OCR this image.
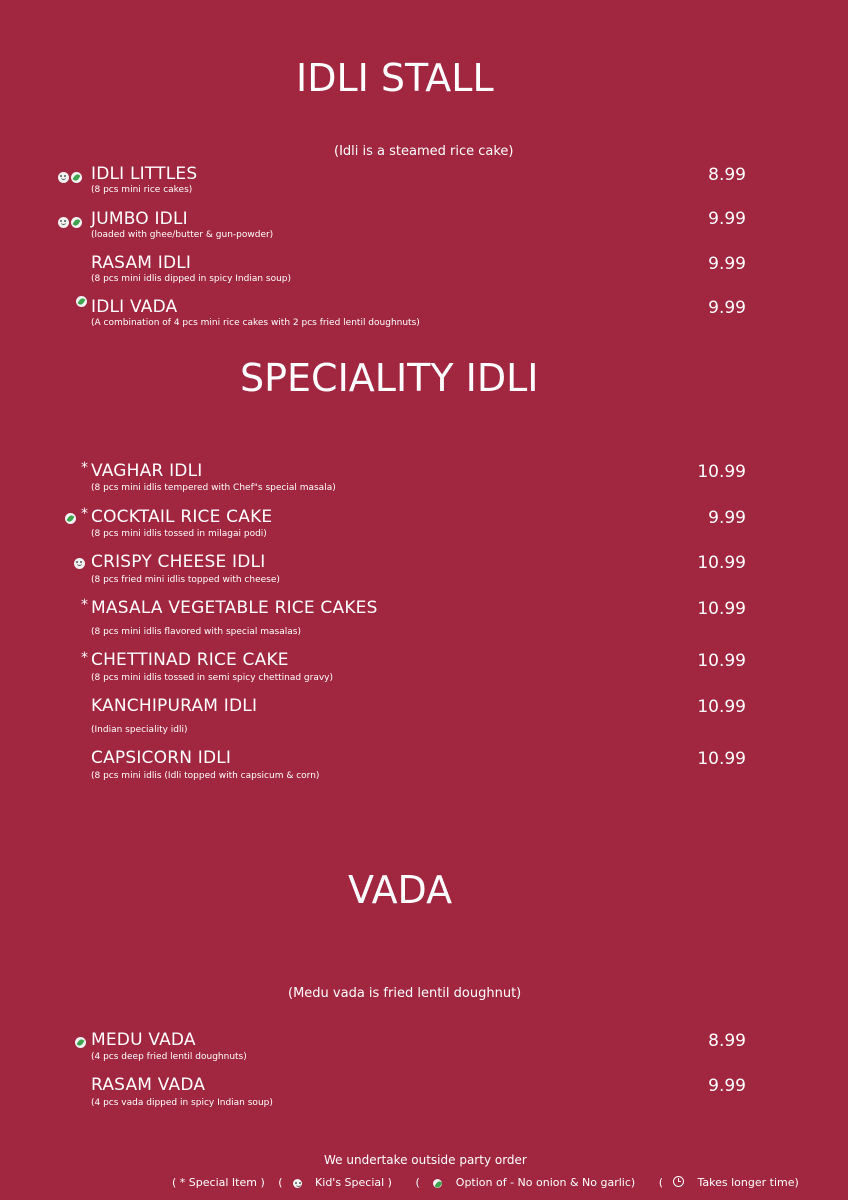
IDLI STALL
(Idli is a steamed rice cake)
IDLI LITTLES
(8 pcs mini rice cakes)
8.99
JUMBO IDLI
(loaded with ghee/butter & gun-powder)
9.99
RASAM IDLI
(8 pcs mini idlis dipped in spicy Indian soup)
9.99
IDLI VADA
(A combination of 4 pcs mini rice cakes with 2 pcs fried lentil doughnuts)
9.99
SPECIALITY IDLI
* VAGHAR IDLI
(8 pcs mini idlis tempered with Chef"s special masala)
10.99
* COCKTAIL RICE CAKE
(8 pcs mini idlis tossed in milagai podi)
9.99
CRISPY CHEESE IDLI
(8 pcs fried mini idlis topped with cheese)
10.99
* MASALA VEGETABLE RICE CAKES
(8 pcs mini idlis flavored with special masalas)
10.99
* CHETTINAD RICE CAKE
(8 pcs mini idlis tossed in semi spicy chettinad gravy)
10.99
KANCHIPURAM IDLI
(Indian speciality idli)
10.99
CAPSICORN IDLI
(8 pcs mini idlis (Idli topped with capsicum & corn)
10.99
VADA
(Medu vada is fried lentil doughnut)
MEDU VADA
(4 pcs deep fried lentil doughnuts)
8.99
RASAM VADA
(4 pcs vada dipped in spicy Indian soup)
9.99
We undertake outside party order
( * Special Item ) (	Kid's Special ) (	Option of - No onion & No garlic) (	Takes longer time)
